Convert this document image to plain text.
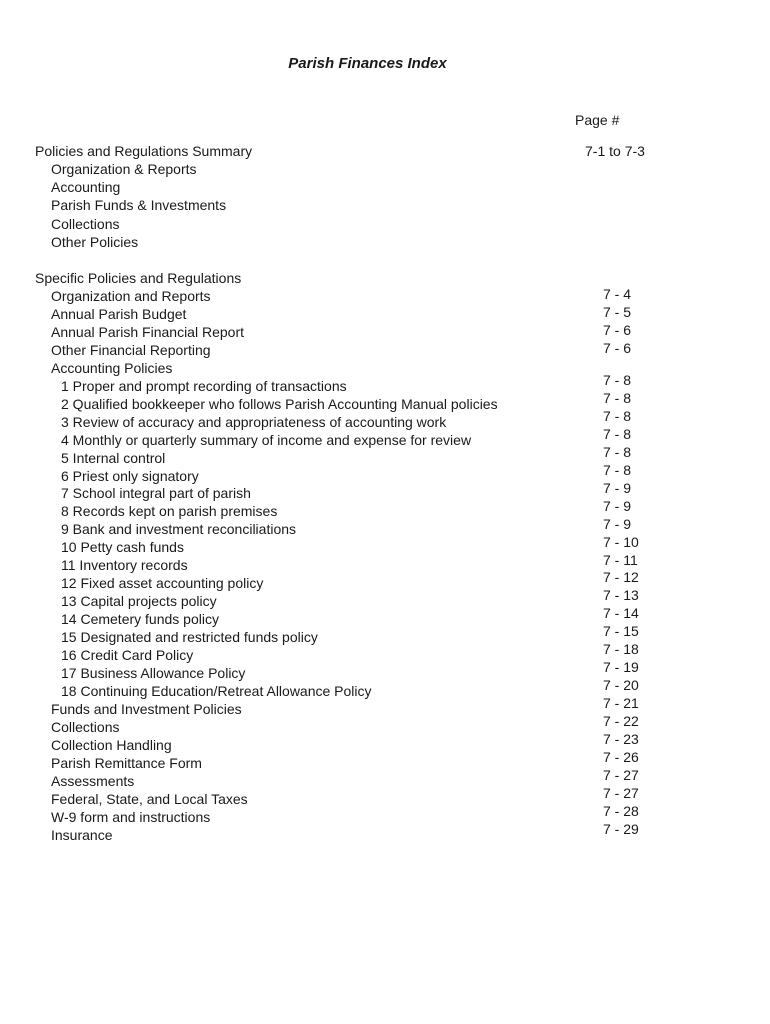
Parish Finances Index
Page #
Policies and Regulations Summary	7-1 to 7-3
Organization & Reports
Accounting
Parish Funds & Investments
Collections
Other Policies
Specific Policies and Regulations
Organization and Reports
Annual Parish Budget
Annual Parish Financial Report
Other Financial Reporting
Accounting Policies
1 Proper and prompt recording of transactions
2 Qualified bookkeeper who follows Parish Accounting Manual policies
3 Review of accuracy and appropriateness of accounting work
4 Monthly or quarterly summary of income and expense for review
5 Internal control
6 Priest only signatory
7 School integral part of parish
8 Records kept on parish premises
9 Bank and investment reconciliations
10 Petty cash funds
11 Inventory records
12 Fixed asset accounting policy
13 Capital projects policy
14 Cemetery funds policy
15 Designated and restricted funds policy
16 Credit Card Policy
17 Business Allowance Policy
18 Continuing Education/Retreat Allowance Policy
Funds and Investment Policies
Collections
Collection Handling
Parish Remittance Form
Assessments
Federal, State, and Local Taxes
W-9 form and instructions
Insurance
7 - 4
7 - 5
7 - 6
7 - 6
7 - 8
7 - 8
7 - 8
7 - 8
7 - 8
7 - 8
7 - 9
7 - 9
7 - 9
7 - 10
7 - 11
7 - 12
7 - 13
7 - 14
7 - 15
7 - 18
7 - 19
7 - 20
7 - 21
7 - 22
7 - 23
7 - 26
7 - 27
7 - 27
7 - 28
7 - 29
